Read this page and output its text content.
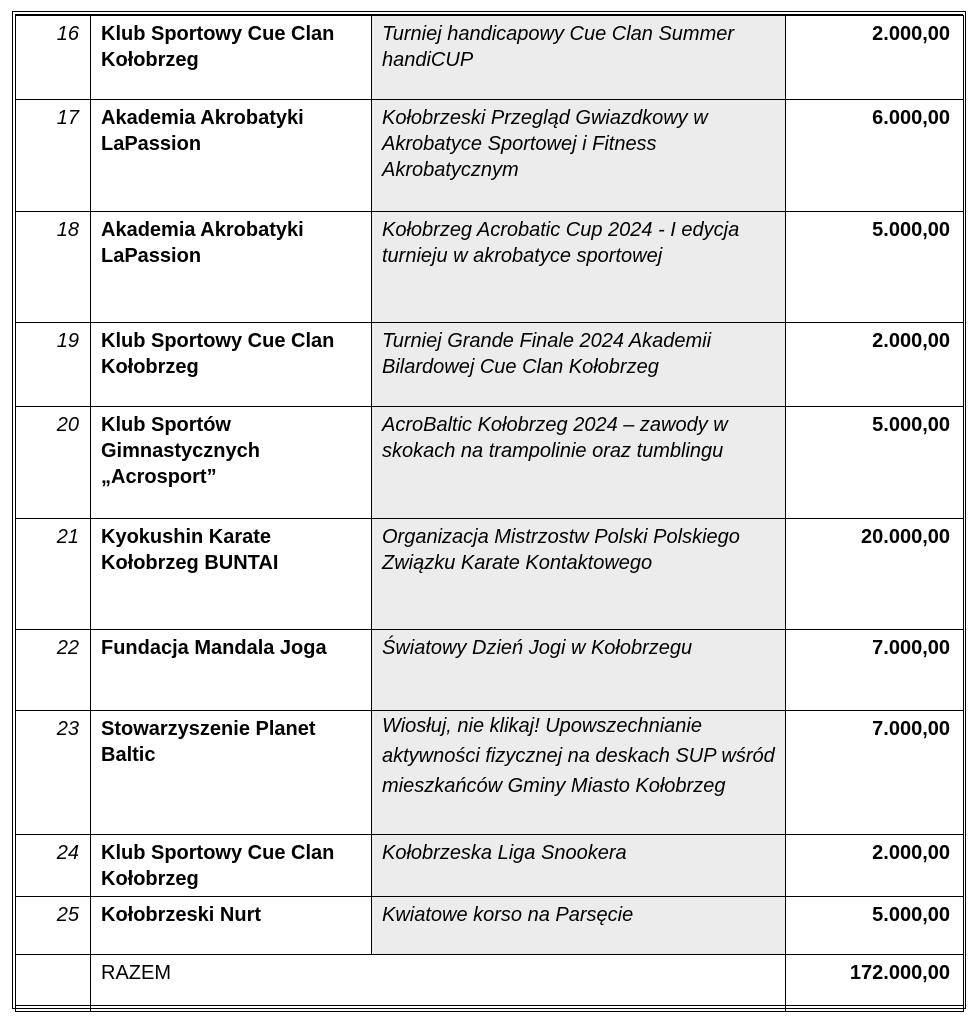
16	Klub Sportowy Cue Clan Kołobrzeg	Turniej handicapowy Cue Clan Summer handiCUP	2.000,00
17	Akademia Akrobatyki LaPassion	Kołobrzeski Przegląd Gwiazdkowy w Akrobatyce Sportowej i Fitness Akrobatycznym	6.000,00
18	Akademia Akrobatyki LaPassion	Kołobrzeg Acrobatic Cup 2024 - I edycja turnieju w akrobatyce sportowej	5.000,00
19	Klub Sportowy Cue Clan Kołobrzeg	Turniej Grande Finale 2024 Akademii Bilardowej Cue Clan Kołobrzeg	2.000,00
20	Klub Sportów Gimnastycznych „Acrosport”	AcroBaltic Kołobrzeg 2024 – zawody w skokach na trampolinie oraz tumblingu	5.000,00
21	Kyokushin Karate Kołobrzeg BUNTAI	Organizacja Mistrzostw Polski Polskiego Związku Karate Kontaktowego	20.000,00
22	Fundacja Mandala Joga	Światowy Dzień Jogi w Kołobrzegu	7.000,00
23	Stowarzyszenie Planet Baltic	Wiosłuj, nie klikaj! Upowszechnianie aktywności fizycznej na deskach SUP wśród mieszkańców Gminy Miasto Kołobrzeg	7.000,00
24	Klub Sportowy Cue Clan Kołobrzeg	Kołobrzeska Liga Snookera	2.000,00
25	Kołobrzeski Nurt	Kwiatowe korso na Parsęcie	5.000,00
	RAZEM		172.000,00
